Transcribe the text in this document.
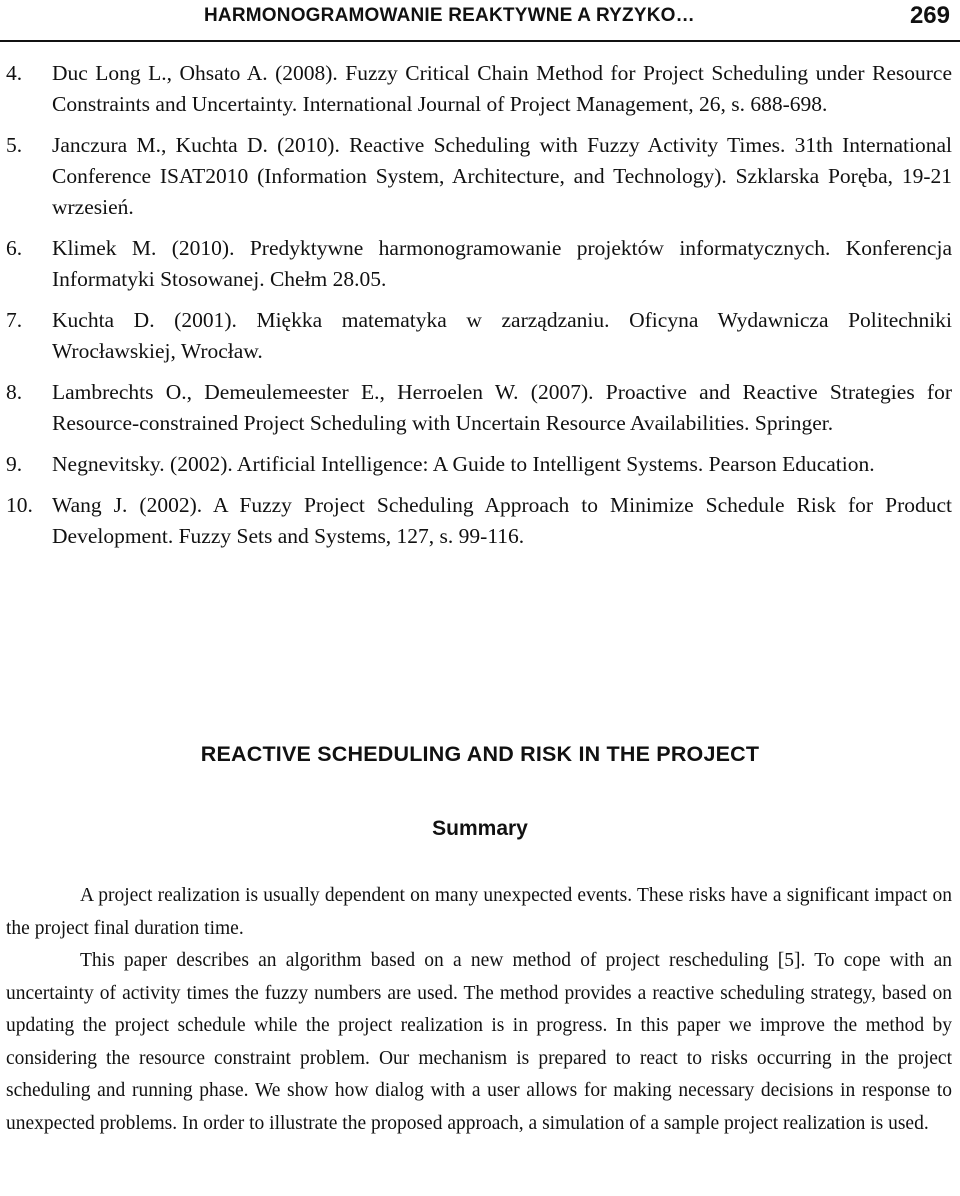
HARMONOGRAMOWANIE REAKTYWNE A RYZYKO…	269
4. Duc Long L., Ohsato A. (2008). Fuzzy Critical Chain Method for Project Scheduling under Resource Constraints and Uncertainty. International Journal of Project Management, 26, s. 688-698.
5. Janczura M., Kuchta D. (2010). Reactive Scheduling with Fuzzy Activity Times. 31th International Conference ISAT2010 (Information System, Architecture, and Technology). Szklarska Poręba, 19-21 wrzesień.
6. Klimek M. (2010). Predyktywne harmonogramowanie projektów informatycznych. Konferencja Informatyki Stosowanej. Chełm 28.05.
7. Kuchta D. (2001). Miękka matematyka w zarządzaniu. Oficyna Wydawnicza Politechniki Wrocławskiej, Wrocław.
8. Lambrechts O., Demeulemeester E., Herroelen W. (2007). Proactive and Reactive Strategies for Resource-constrained Project Scheduling with Uncertain Resource Availabilities. Springer.
9. Negnevitsky. (2002). Artificial Intelligence: A Guide to Intelligent Systems. Pearson Education.
10. Wang J. (2002). A Fuzzy Project Scheduling Approach to Minimize Schedule Risk for Product Development. Fuzzy Sets and Systems, 127, s. 99-116.
REACTIVE SCHEDULING AND RISK IN THE PROJECT
Summary

A project realization is usually dependent on many unexpected events. These risks have a significant impact on the project final duration time.

This paper describes an algorithm based on a new method of project rescheduling [5]. To cope with an uncertainty of activity times the fuzzy numbers are used. The method provides a reactive scheduling strategy, based on updating the project schedule while the project realization is in progress. In this paper we improve the method by considering the resource constraint problem. Our mechanism is prepared to react to risks occurring in the project scheduling and running phase. We show how dialog with a user allows for making necessary decisions in response to unexpected problems. In order to illustrate the proposed approach, a simulation of a sample project realization is used.
